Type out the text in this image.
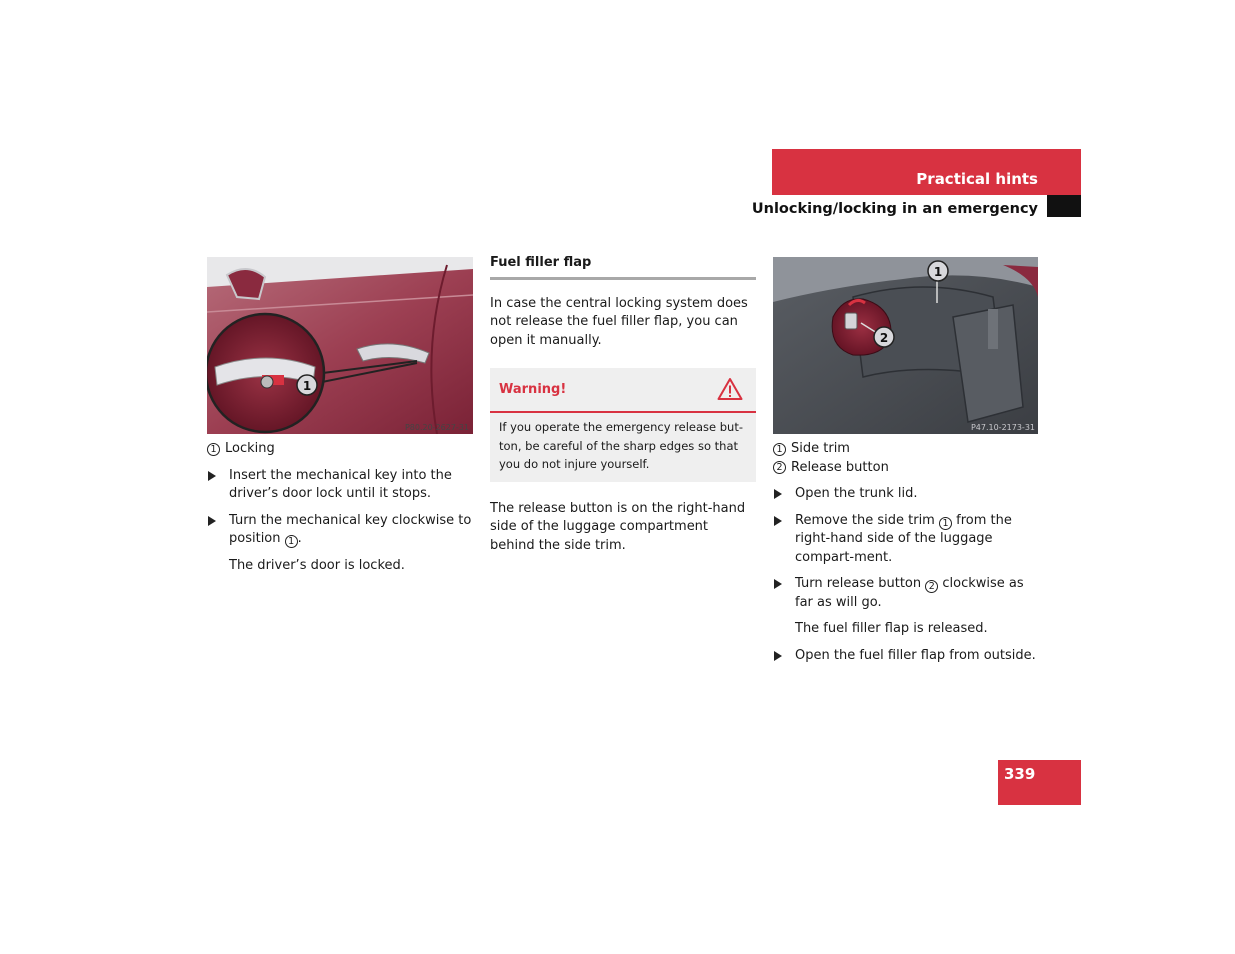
Practical hints
Unlocking/locking in an emergency
1
P80.20-2627-31
1 Locking
Insert the mechanical key into the driver’s door lock until it stops.
Turn the mechanical key clockwise to position 1 .
The driver’s door is locked.
Fuel filler flap
In case the central locking system does not release the fuel filler flap, you can open it manually.
Warning!
If you operate the emergency release but-ton, be careful of the sharp edges so that you do not injure yourself.
The release button is on the right-hand side of the luggage compartment behind the side trim.
1
2
P47.10-2173-31
1 Side trim
2 Release button
Open the trunk lid.
Remove the side trim 1 from the right-hand side of the luggage compart-ment.
Turn release button 2 clockwise as far as will go.
The fuel filler flap is released.
Open the fuel filler flap from outside.
339
